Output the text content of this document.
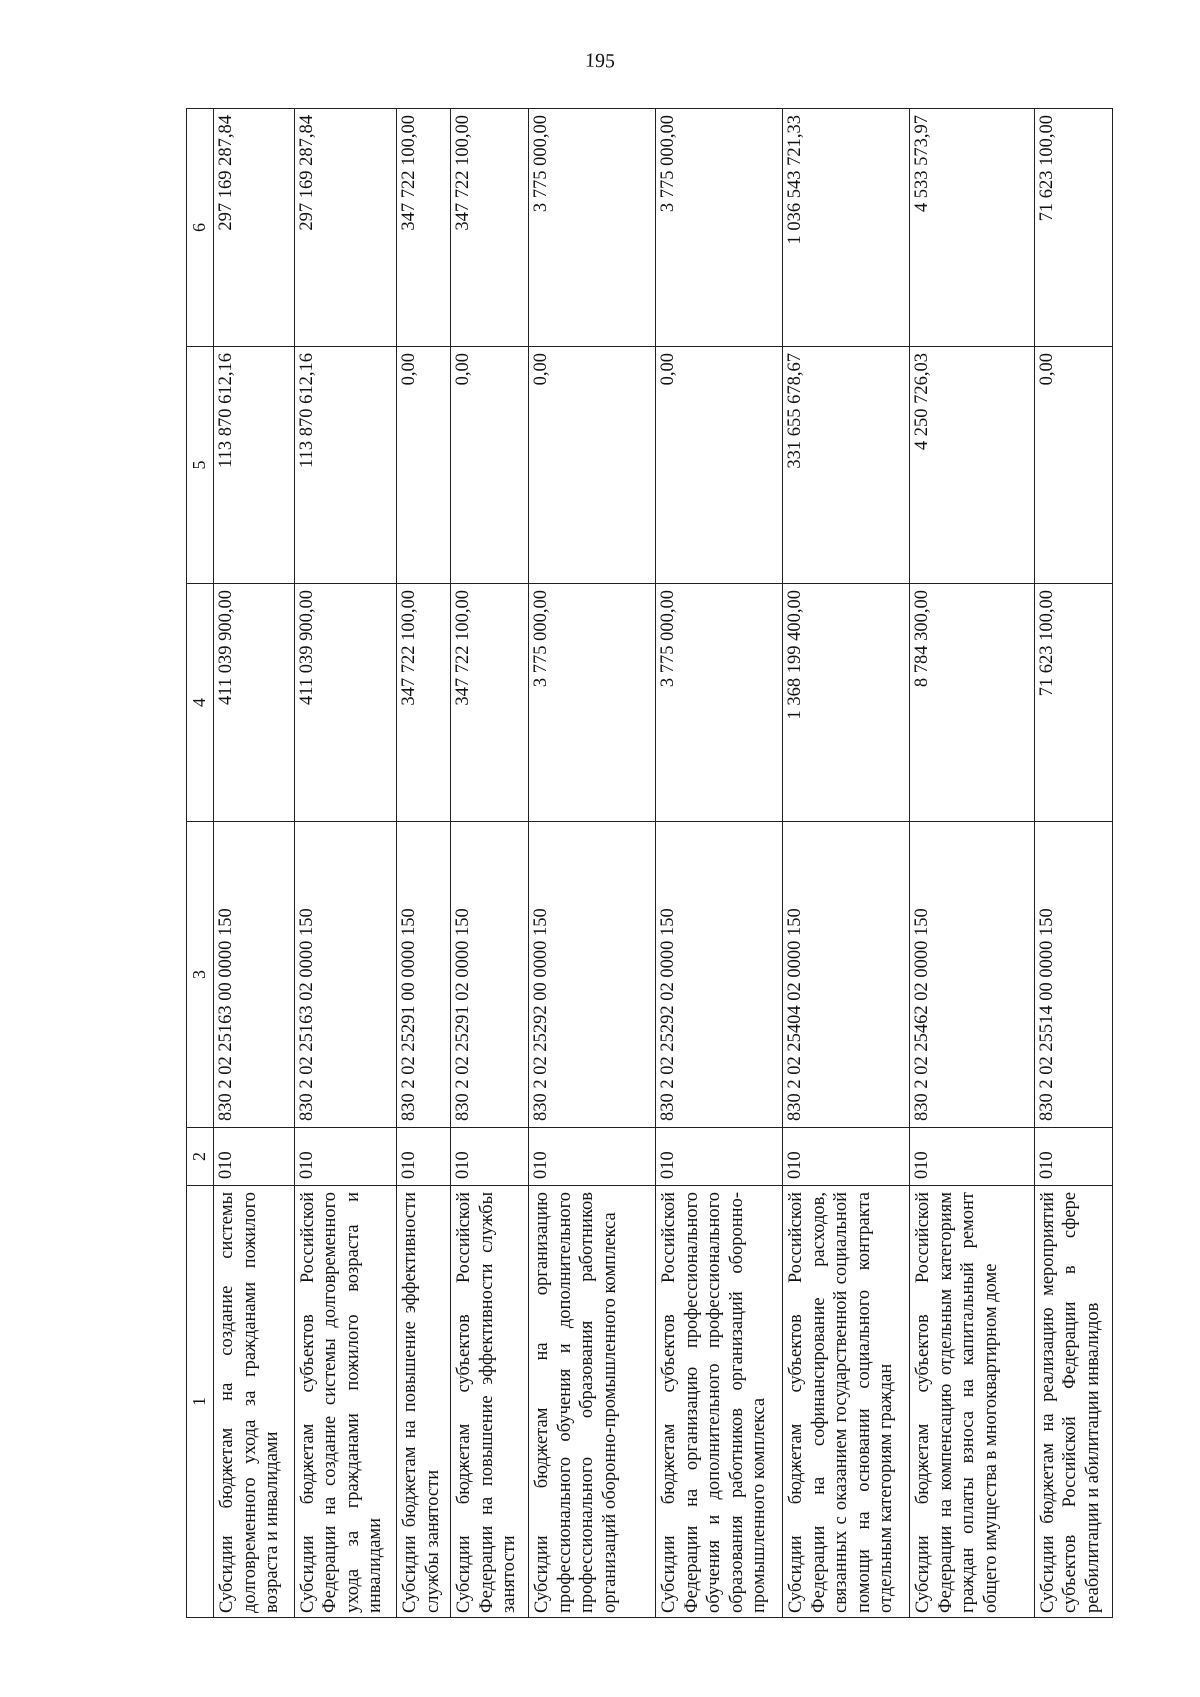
195
1	2	3	4	5	6
Субсидии бюджетам на создание системы долговременного ухода за гражданами пожилого возраста и инвалидами	010	830 2 02 25163 00 0000 150	411 039 900,00	113 870 612,16	297 169 287,84
Субсидии бюджетам субъектов Российской Федерации на создание системы долговременного ухода за гражданами пожилого возраста и инвалидами	010	830 2 02 25163 02 0000 150	411 039 900,00	113 870 612,16	297 169 287,84
Субсидии бюджетам на повышение эффективности службы занятости	010	830 2 02 25291 00 0000 150	347 722 100,00	0,00	347 722 100,00
Субсидии бюджетам субъектов Российской Федерации на повышение эффективности службы занятости	010	830 2 02 25291 02 0000 150	347 722 100,00	0,00	347 722 100,00
Субсидии бюджетам на организацию профессионального обучения и дополнительного профессионального образования работников организаций оборонно-промышленного комплекса	010	830 2 02 25292 00 0000 150	3 775 000,00	0,00	3 775 000,00
Субсидии бюджетам субъектов Российской Федерации на организацию профессионального обучения и дополнительного профессионального образования работников организаций оборонно-промышленного комплекса	010	830 2 02 25292 02 0000 150	3 775 000,00	0,00	3 775 000,00
Субсидии бюджетам субъектов Российской Федерации на софинансирование расходов, связанных с оказанием государственной социальной помощи на основании социального контракта отдельным категориям граждан	010	830 2 02 25404 02 0000 150	1 368 199 400,00	331 655 678,67	1 036 543 721,33
Субсидии бюджетам субъектов Российской Федерации на компенсацию отдельным категориям граждан оплаты взноса на капитальный ремонт общего имущества в многоквартирном доме	010	830 2 02 25462 02 0000 150	8 784 300,00	4 250 726,03	4 533 573,97
Субсидии бюджетам на реализацию мероприятий субъектов Российской Федерации в сфере реабилитации и абилитации инвалидов	010	830 2 02 25514 00 0000 150	71 623 100,00	0,00	71 623 100,00
